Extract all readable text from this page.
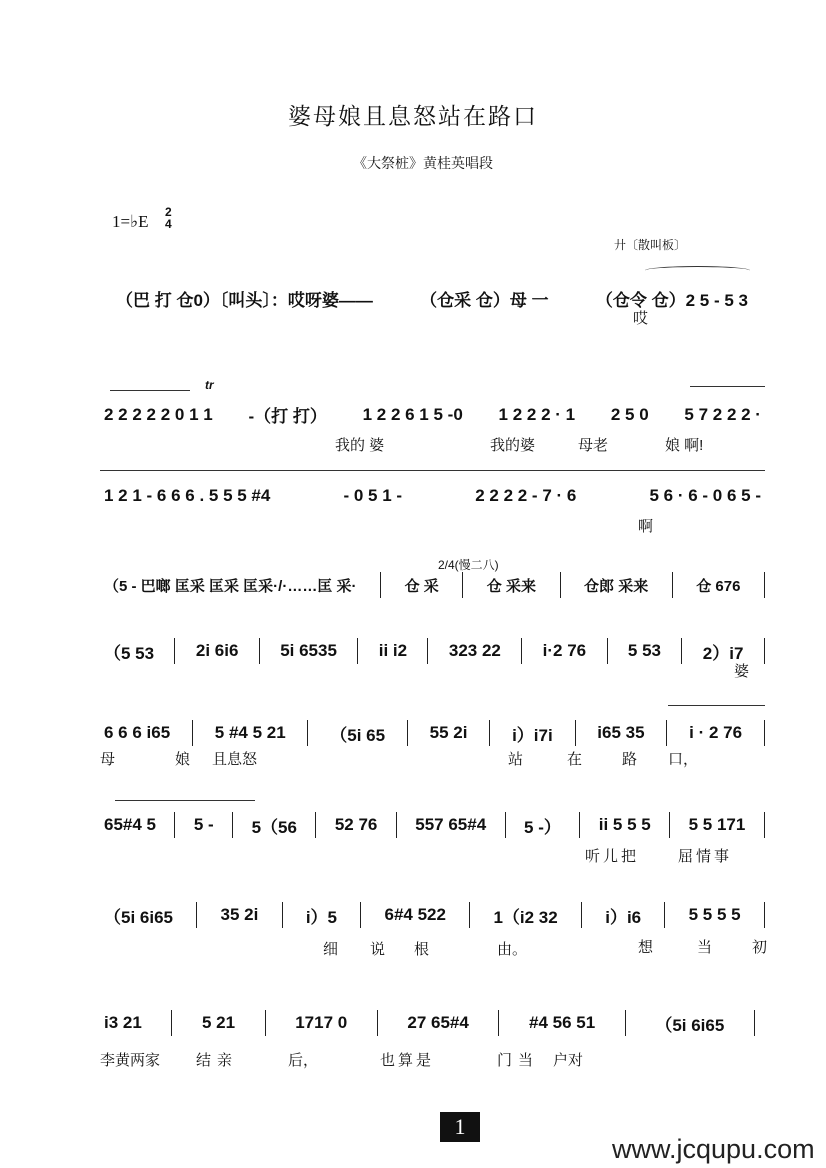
婆母娘且息怒站在路口
《大祭桩》黄桂英唱段
1=♭E 2
4
廾〔散叫板〕
2/4(慢二八)
tr
（巴 打 仓0）〔叫头〕：哎呀婆——	（仓采 仓）母 一	（仓令 仓）2 5 - 5 3
哎
2 2 2 2 2 0 1 1 -（打 打） 1 2 2 6 1 5 -0 1 2 2 2 · 1 2 5 0 5 7 2 2 2 ·
我的 婆	我的婆	母老	娘 啊!
1 2 1 - 6 6 6 . 5 5 5 #4	- 0 5 1 -	2 2 2 2 - 7 · 6	5 6 · 6 - 0 6 5 -
啊
（5 - 巴啷 匡采 匡采 匡采·/·……匡 采·	仓 采	仓 采来	仓郎 采来	仓 676
（5 53 2i 6i6 5i 6535 ii i2 323 22 i·2 76 5 53 2）i7
婆
6 6 6 i65	5 #4 5 21	（5i 65	55 2i	i）i7i	i65 35	i · 2 76
母	娘 且息怒	站	在	路 口，
65#4 5 5 - 5（56 52 76 557 65#4 5 -） ii 5 5 5 5 5 171
听儿把	屈情事
（5i 6i65	35 2i	i）5	6#4 522	1（i2 32	i）i6	5 5 5 5
细 说 根	由。	想	当	初
i3 21	5 21	1717 0	27 65#4	#4 56 51	（5i 6i65
李黄两家 结亲	后，	也算是	门当 户对
1
www.jcqupu.com
